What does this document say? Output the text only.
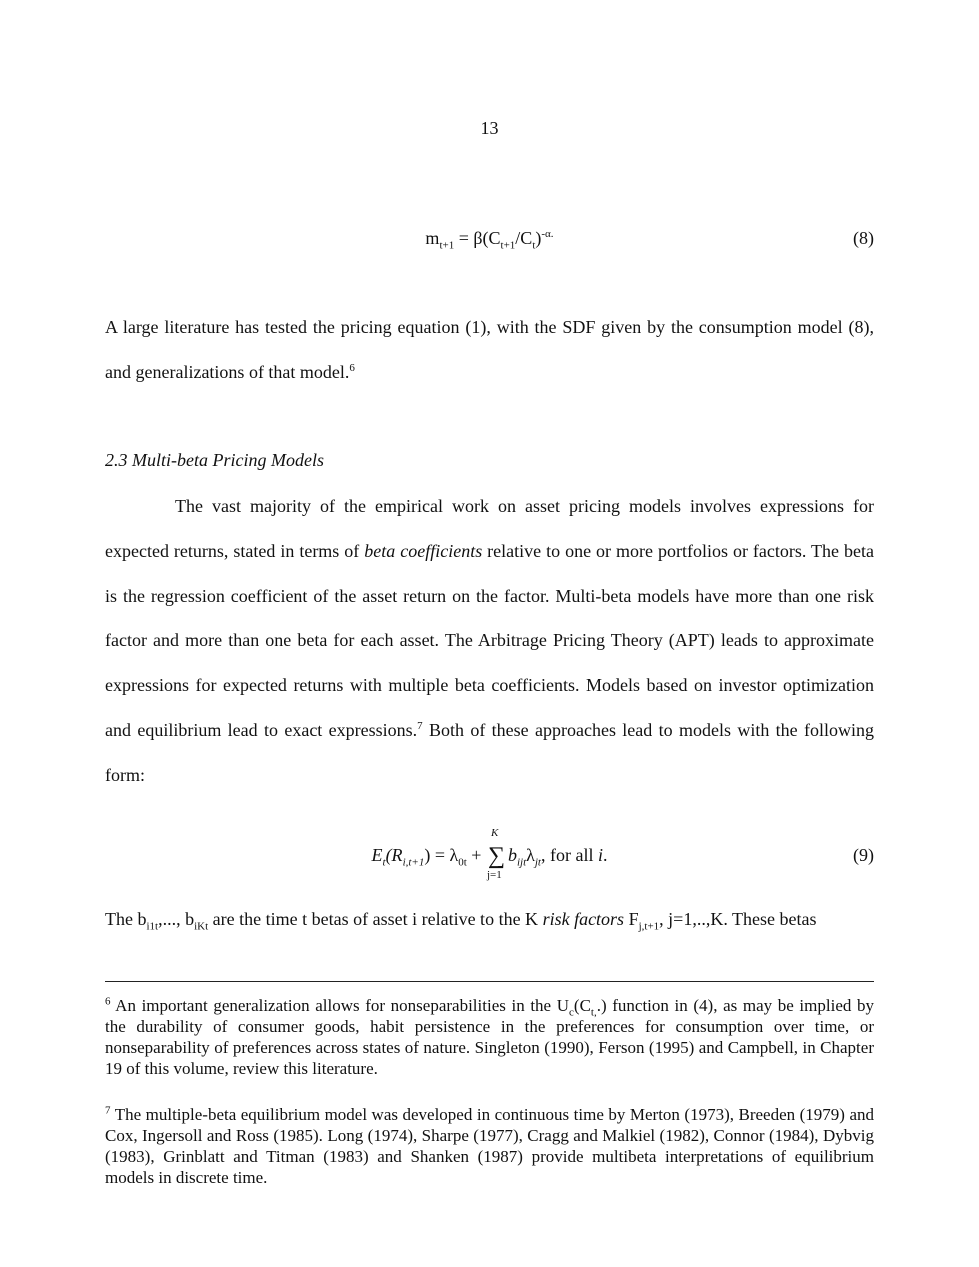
13
$m_{t+1} = \beta(C_{t+1}/C_t)^{-\alpha.}$	(8)

A large literature has tested the pricing equation (1), with the SDF given by the consumption model (8), and generalizations of that model.$^6$

2.3 Multi-beta Pricing Models

The vast majority of the empirical work on asset pricing models involves expressions for expected returns, stated in terms of beta coefficients relative to one or more portfolios or factors. The beta is the regression coefficient of the asset return on the factor. Multi-beta models have more than one risk factor and more than one beta for each asset. The Arbitrage Pricing Theory (APT) leads to approximate expressions for expected returns with multiple beta coefficients. Models based on investor optimization and equilibrium lead to exact expressions.$^7$ Both of these approaches lead to models with the following form:

$E_t(R_{i,t+1}) = \lambda_{0t}$ +
K
∑
j=1
$b_{ijt}\lambda_{jt}$, for all i.	(9)

The $b_{i1t}$,..., $b_{iKt}$ are the time t betas of asset i relative to the K risk factors $F_{j,t+1}$, j=1,..,K. These betas

$^6$ An important generalization allows for nonseparabilities in the $U_c(C_{t,}.)$ function in (4), as may be implied by the durability of consumer goods, habit persistence in the preferences for consumption over time, or nonseparability of preferences across states of nature. Singleton (1990), Ferson (1995) and Campbell, in Chapter 19 of this volume, review this literature.

$^7$ The multiple-beta equilibrium model was developed in continuous time by Merton (1973), Breeden (1979) and Cox, Ingersoll and Ross (1985). Long (1974), Sharpe (1977), Cragg and Malkiel (1982), Connor (1984), Dybvig (1983), Grinblatt and Titman (1983) and Shanken (1987) provide multibeta interpretations of equilibrium models in discrete time.
